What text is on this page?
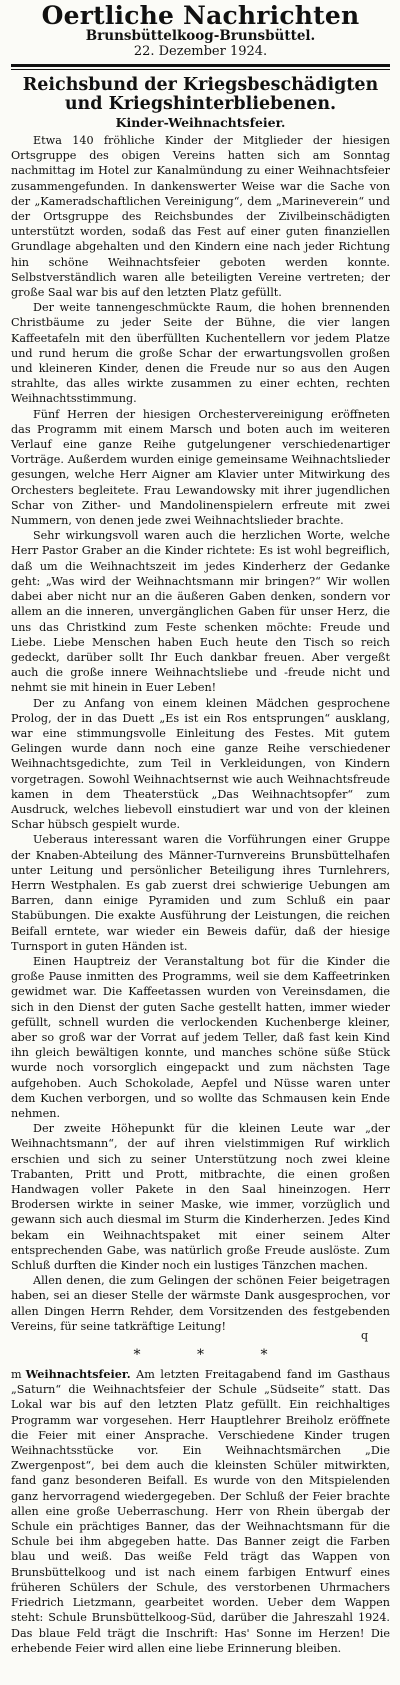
Oertliche Nachrichten
Brunsbüttelkoog-Brunsbüttel.
22. Dezember 1924.
Reichsbund der Kriegsbeschädigten und Kriegshinterbliebenen.
Kinder-Weihnachtsfeier.

Etwa 140 fröhliche Kinder der Mitglieder der hiesigen Ortsgruppe des obigen Vereins hatten sich am Sonntag nachmittag im Hotel zur Kanalmündung zu einer Weihnachtsfeier zusammengefunden. In dankenswerter Weise war die Sache von der „Kameradschaftlichen Vereinigung“, dem „Marineverein“ und der Ortsgruppe des Reichsbundes der Zivilbeinschädigten unterstützt worden, sodaß das Fest auf einer guten finanziellen Grundlage abgehalten und den Kindern eine nach jeder Richtung hin schöne Weihnachtsfeier geboten werden konnte. Selbstverständlich waren alle beteiligten Vereine vertreten; der große Saal war bis auf den letzten Platz gefüllt.

Der weite tannengeschmückte Raum, die hohen brennenden Christbäume zu jeder Seite der Bühne, die vier langen Kaffeetafeln mit den überfüllten Kuchentellern vor jedem Platze und rund herum die große Schar der erwartungsvollen großen und kleineren Kinder, denen die Freude nur so aus den Augen strahlte, das alles wirkte zusammen zu einer echten, rechten Weihnachtsstimmung.

Fünf Herren der hiesigen Orchestervereinigung eröffneten das Programm mit einem Marsch und boten auch im weiteren Verlauf eine ganze Reihe gutgelungener verschiedenartiger Vorträge. Außerdem wurden einige gemeinsame Weihnachtslieder gesungen, welche Herr Aigner am Klavier unter Mitwirkung des Orchesters begleitete. Frau Lewandowsky mit ihrer jugendlichen Schar von Zither- und Mandolinenspielern erfreute mit zwei Nummern, von denen jede zwei Weihnachtslieder brachte.

Sehr wirkungsvoll waren auch die herzlichen Worte, welche Herr Pastor Graber an die Kinder richtete: Es ist wohl begreiflich, daß um die Weihnachtszeit im jedes Kinderherz der Gedanke geht: „Was wird der Weihnachtsmann mir bringen?“ Wir wollen dabei aber nicht nur an die äußeren Gaben denken, sondern vor allem an die inneren, unvergänglichen Gaben für unser Herz, die uns das Christkind zum Feste schenken möchte: Freude und Liebe. Liebe Menschen haben Euch heute den Tisch so reich gedeckt, darüber sollt Ihr Euch dankbar freuen. Aber vergeßt auch die große innere Weihnachtsliebe und -freude nicht und nehmt sie mit hinein in Euer Leben!

Der zu Anfang von einem kleinen Mädchen gesprochene Prolog, der in das Duett „Es ist ein Ros entsprungen“ ausklang, war eine stimmungsvolle Einleitung des Festes. Mit gutem Gelingen wurde dann noch eine ganze Reihe verschiedener Weihnachtsgedichte, zum Teil in Verkleidungen, von Kindern vorgetragen. Sowohl Weihnachtsernst wie auch Weihnachtsfreude kamen in dem Theaterstück „Das Weihnachtsopfer“ zum Ausdruck, welches liebevoll einstudiert war und von der kleinen Schar hübsch gespielt wurde.

Ueberaus interessant waren die Vorführungen einer Gruppe der Knaben-Abteilung des Männer-Turnvereins Brunsbüttelhafen unter Leitung und persönlicher Beteiligung ihres Turnlehrers, Herrn Westphalen. Es gab zuerst drei schwierige Uebungen am Barren, dann einige Pyramiden und zum Schluß ein paar Stabübungen. Die exakte Ausführung der Leistungen, die reichen Beifall erntete, war wieder ein Beweis dafür, daß der hiesige Turnsport in guten Händen ist.

Einen Hauptreiz der Veranstaltung bot für die Kinder die große Pause inmitten des Programms, weil sie dem Kaffeetrinken gewidmet war. Die Kaffeetassen wurden von Vereinsdamen, die sich in den Dienst der guten Sache gestellt hatten, immer wieder gefüllt, schnell wurden die verlockenden Kuchenberge kleiner, aber so groß war der Vorrat auf jedem Teller, daß fast kein Kind ihn gleich bewältigen konnte, und manches schöne süße Stück wurde noch vorsorglich eingepackt und zum nächsten Tage aufgehoben. Auch Schokolade, Aepfel und Nüsse waren unter dem Kuchen verborgen, und so wollte das Schmausen kein Ende nehmen.

Der zweite Höhepunkt für die kleinen Leute war „der Weihnachtsmann“, der auf ihren vielstimmigen Ruf wirklich erschien und sich zu seiner Unterstützung noch zwei kleine Trabanten, Pritt und Prott, mitbrachte, die einen großen Handwagen voller Pakete in den Saal hineinzogen. Herr Brodersen wirkte in seiner Maske, wie immer, vorzüglich und gewann sich auch diesmal im Sturm die Kinderherzen. Jedes Kind bekam ein Weihnachtspaket mit einer seinem Alter entsprechenden Gabe, was natürlich große Freude auslöste. Zum Schluß durften die Kinder noch ein lustiges Tänzchen machen.

Allen denen, die zum Gelingen der schönen Feier beigetragen haben, sei an dieser Stelle der wärmste Dank ausgesprochen, vor allen Dingen Herrn Rehder, dem Vorsitzenden des festgebenden Vereins, für seine tatkräftige Leitung!

q
* * *

m Weihnachtsfeier. Am letzten Freitagabend fand im Gasthaus „Saturn“ die Weihnachtsfeier der Schule „Südseite“ statt. Das Lokal war bis auf den letzten Platz gefüllt. Ein reichhaltiges Programm war vorgesehen. Herr Hauptlehrer Breiholz eröffnete die Feier mit einer Ansprache. Verschiedene Kinder trugen Weihnachtsstücke vor. Ein Weihnachtsmärchen „Die Zwergenpost“, bei dem auch die kleinsten Schüler mitwirkten, fand ganz besonderen Beifall. Es wurde von den Mitspielenden ganz hervorragend wiedergegeben. Der Schluß der Feier brachte allen eine große Ueberraschung. Herr von Rhein übergab der Schule ein prächtiges Banner, das der Weihnachtsmann für die Schule bei ihm abgegeben hatte. Das Banner zeigt die Farben blau und weiß. Das weiße Feld trägt das Wappen von Brunsbüttelkoog und ist nach einem farbigen Entwurf eines früheren Schülers der Schule, des verstorbenen Uhrmachers Friedrich Lietzmann, gearbeitet worden. Ueber dem Wappen steht: Schule Brunsbüttelkoog-Süd, darüber die Jahreszahl 1924. Das blaue Feld trägt die Inschrift: Has' Sonne im Herzen! Die erhebende Feier wird allen eine liebe Erinnerung bleiben.
